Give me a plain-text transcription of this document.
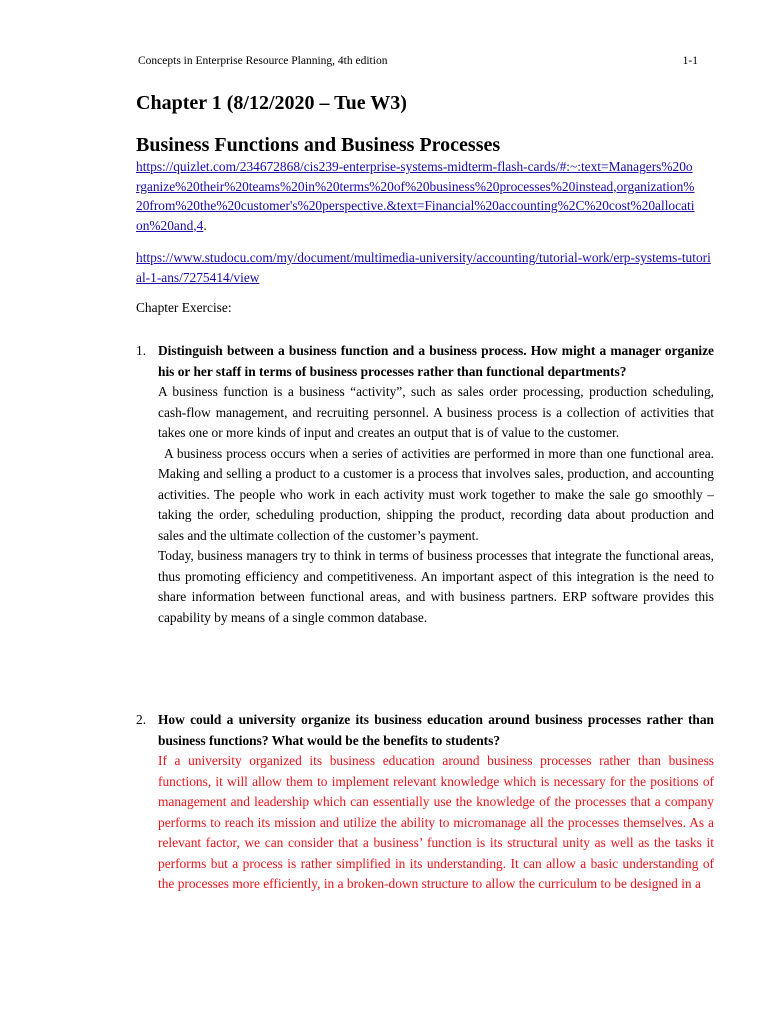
Concepts in Enterprise Resource Planning, 4th edition	1-1
Chapter 1 (8/12/2020 – Tue W3)
Business Functions and Business Processes
https://quizlet.com/234672868/cis239-enterprise-systems-midterm-flash-cards/#:~:text=Managers%20organize%20their%20teams%20in%20terms%20of%20business%20processes%20instead,organization%20from%20the%20customer's%20perspective.&text=Financial%20accounting%2C%20cost%20allocation%20and,4.
https://www.studocu.com/my/document/multimedia-university/accounting/tutorial-work/erp-systems-tutorial-1-ans/7275414/view
Chapter Exercise:
1. Distinguish between a business function and a business process. How might a manager organize his or her staff in terms of business processes rather than functional departments?

A business function is a business “activity”, such as sales order processing, production scheduling, cash-flow management, and recruiting personnel. A business process is a collection of activities that takes one or more kinds of input and creates an output that is of value to the customer.

A business process occurs when a series of activities are performed in more than one functional area. Making and selling a product to a customer is a process that involves sales, production, and accounting activities. The people who work in each activity must work together to make the sale go smoothly – taking the order, scheduling production, shipping the product, recording data about production and sales and the ultimate collection of the customer’s payment.

Today, business managers try to think in terms of business processes that integrate the functional areas, thus promoting efficiency and competitiveness. An important aspect of this integration is the need to share information between functional areas, and with business partners. ERP software provides this capability by means of a single common database.

2. How could a university organize its business education around business processes rather than business functions? What would be the benefits to students?

If a university organized its business education around business processes rather than business functions, it will allow them to implement relevant knowledge which is necessary for the positions of management and leadership which can essentially use the knowledge of the processes that a company performs to reach its mission and utilize the ability to micromanage all the processes themselves. As a relevant factor, we can consider that a business’ function is its structural unity as well as the tasks it performs but a process is rather simplified in its understanding. It can allow a basic understanding of the processes more efficiently, in a broken-down structure to allow the curriculum to be designed in a
